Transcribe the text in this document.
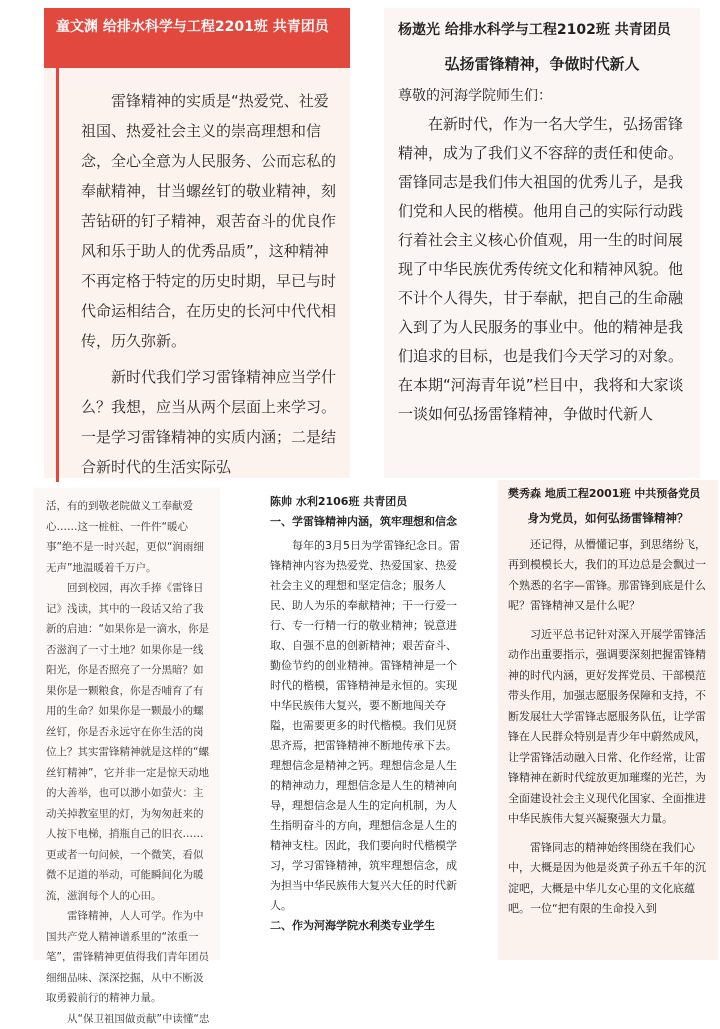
童文渊 给排水科学与工程2201班 共青团员

雷锋精神的实质是“热爱党、社爱祖国、热爱社会主义的崇高理想和信念，全心全意为人民服务、公而忘私的奉献精神，甘当螺丝钉的敬业精神，刻苦钻研的钉子精神，艰苦奋斗的优良作风和乐于助人的优秀品质”，这种精神不再定格于特定的历史时期，早已与时代命运相结合，在历史的长河中代代相传，历久弥新。

新时代我们学习雷锋精神应当学什么？我想，应当从两个层面上来学习。一是学习雷锋精神的实质内涵；二是结合新时代的生活实际弘

杨遨光 给排水科学与工程2102班 共青团员
弘扬雷锋精神，争做时代新人
尊敬的河海学院师生们：

在新时代，作为一名大学生，弘扬雷锋精神，成为了我们义不容辞的责任和使命。雷锋同志是我们伟大祖国的优秀儿子，是我们党和人民的楷模。他用自己的实际行动践行着社会主义核心价值观，用一生的时间展现了中华民族优秀传统文化和精神风貌。他不计个人得失，甘于奉献，把自己的生命融入到了为人民服务的事业中。他的精神是我们追求的目标，也是我们今天学习的对象。在本期“河海青年说”栏目中，我将和大家谈一谈如何弘扬雷锋精神，争做时代新人

活，有的到敬老院做义工奉献爱心……这一桩桩、一件件“暖心事”绝不是一时兴起，更似“润雨细无声”地温暖着千万户。

回到校园，再次手捧《雷锋日记》浅读，其中的一段话又给了我新的启迪：“如果你是一滴水，你是否滋润了一寸土地？如果你是一线阳光，你是否照亮了一分黑暗？如果你是一颗粮食，你是否哺育了有用的生命？如果你是一颗最小的螺丝钉，你是否永远守在你生活的岗位上？其实雷锋精神就是这样的“螺丝钉精神”，它并非一定是惊天动地的大善举，也可以渺小如萤火：主动关掉教室里的灯，为匆匆赶来的人按下电梯，捎瓶自己的旧衣……更或者一句问候，一个微笑，看似微不足道的举动，可能瞬间化为暖流，滋润每个人的心田。

雷锋精神，人人可学。作为中国共产党人精神谱系里的“浓重一笔”，雷锋精神更值得我们青年团员细细品味、深深挖掘，从中不断汲取勇毅前行的精神力量。

从“保卫祖国做贡献”中读懂“忠

陈帅 水利2106班 共青团员
一、学雷锋精神内涵，筑牢理想和信念

每年的3月5日为学雷锋纪念日。雷锋精神内容为热爱党、热爱国家、热爱社会主义的理想和坚定信念；服务人民、助人为乐的奉献精神；干一行爱一行、专一行精一行的敬业精神；锐意进取、自强不息的创新精神；艰苦奋斗、勤俭节约的创业精神。雷锋精神是一个时代的楷模，雷锋精神是永恒的。实现中华民族伟大复兴，要不断地闯关夺隘，也需要更多的时代楷模。我们见贤思齐焉，把雷锋精神不断地传承下去。理想信念是精神之钙。理想信念是人生的精神动力，理想信念是人生的精神向导，理想信念是人生的定向机制，为人生指明奋斗的方向，理想信念是人生的精神支柱。因此，我们要向时代楷模学习，学习雷锋精神，筑牢理想信念，成为担当中华民族伟大复兴大任的时代新人。

二、作为河海学院水利类专业学生
樊秀森 地质工程2001班 中共预备党员
身为党员，如何弘扬雷锋精神？

还记得，从懵懂记事，到思绪纷飞，再到模模长大，我们的耳边总是会飘过一个熟悉的名字—雷锋。那雷锋到底是什么呢？雷锋精神又是什么呢？

习近平总书记针对深入开展学雷锋活动作出重要指示，强调要深刻把握雷锋精神的时代内涵，更好发挥党员、干部模范带头作用，加强志愿服务保障和支持，不断发展壮大学雷锋志愿服务队伍，让学雷锋在人民群众特别是青少年中蔚然成风，让学雷锋活动融入日常、化作经常，让雷锋精神在新时代绽放更加璀璨的光芒，为全面建设社会主义现代化国家、全面推进中华民族伟大复兴凝聚强大力量。

雷锋同志的精神始终围绕在我们心中，大概是因为他是炎黄子孙五千年的沉淀吧，大概是中华儿女心里的文化底蕴吧。一位“把有限的生命投入到
